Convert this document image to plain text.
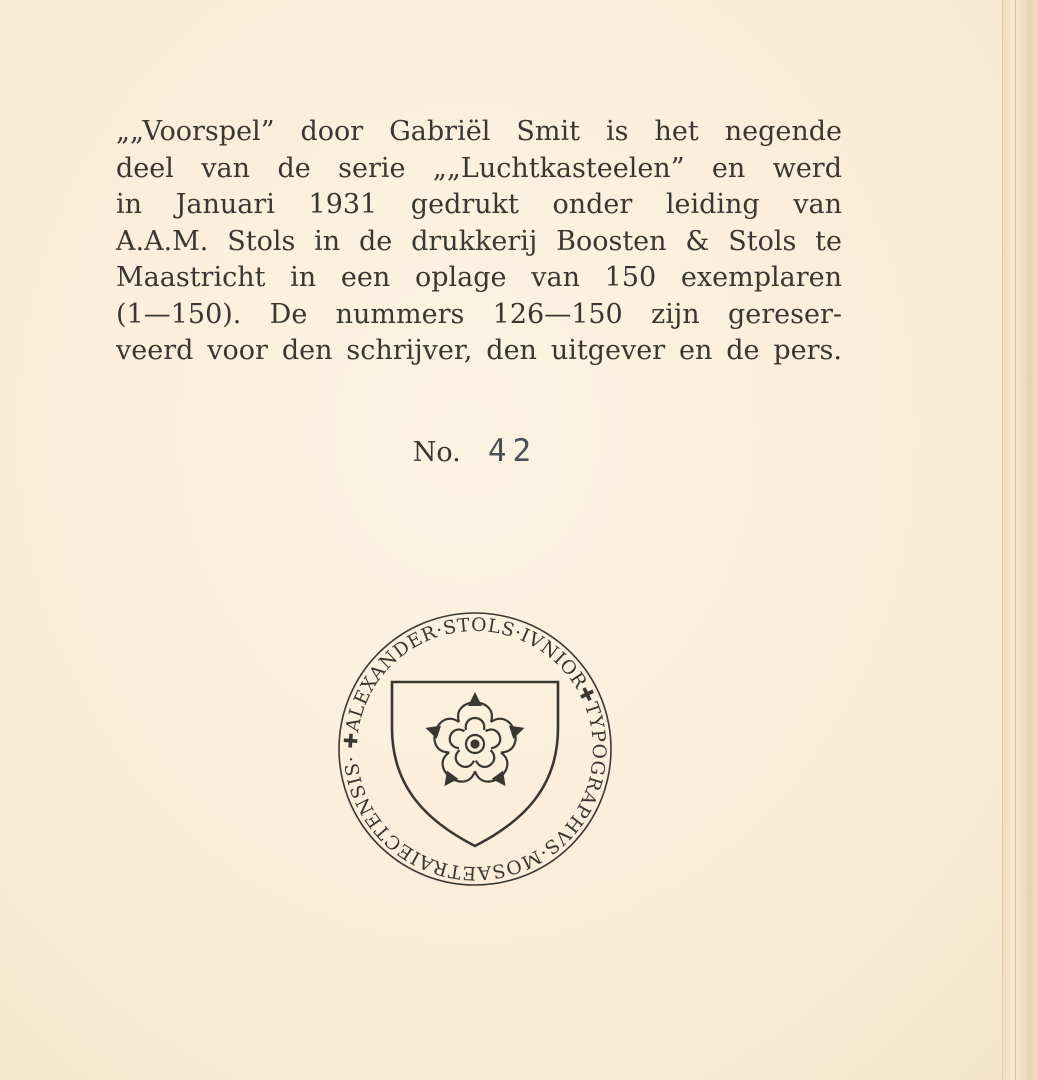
„„Voorspel” door Gabriël Smit is het negende
deel van de serie „„Luchtkasteelen” en werd
in Januari 1931 gedrukt onder leiding van
A.A.M. Stols in de drukkerij Boosten & Stols te
Maastricht in een oplage van 150 exemplaren
(1—150). De nummers 126—150 zijn gereser-
veerd voor den schrijver, den uitgever en de pers.
No. 42
✚ALEXANDER·STOLS·IVNIOR✚TYPOGRAPHVS·MOSAETRAIECTENSIS·
